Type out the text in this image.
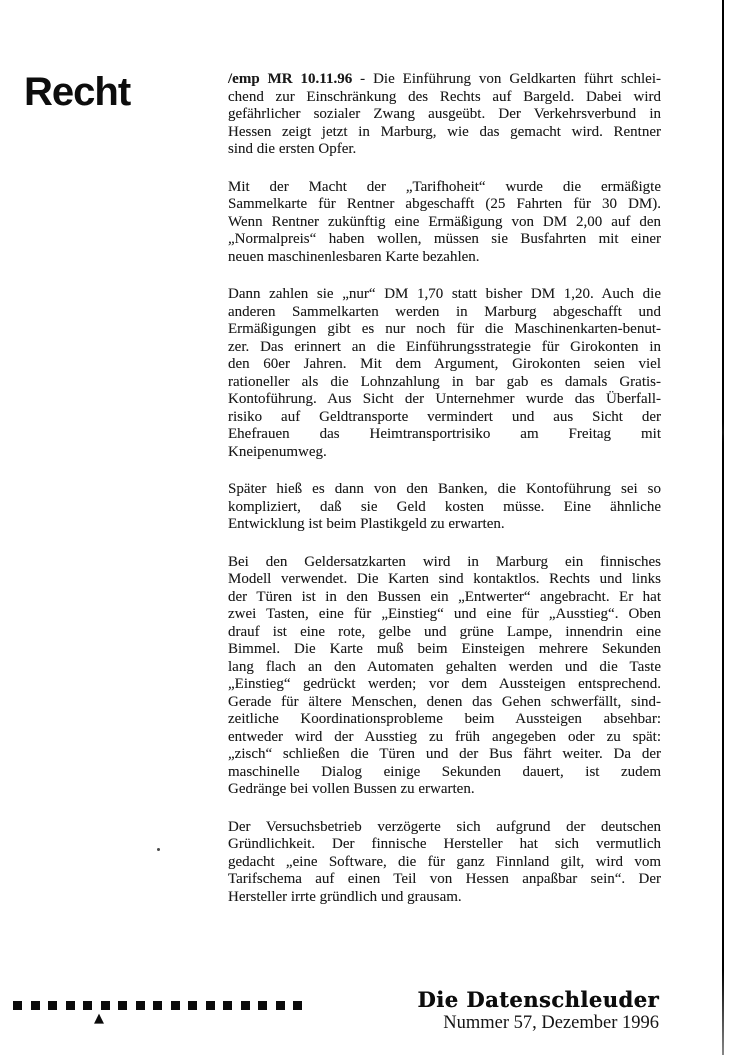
Recht	/emp MR 10.11.96 - Die Einführung von Geldkarten führt schlei-
chend zur Einschränkung des Rechts auf Bargeld. Dabei wird
gefährlicher sozialer Zwang ausgeübt. Der Verkehrsverbund in
Hessen zeigt jetzt in Marburg, wie das gemacht wird. Rentner
sind die ersten Opfer.
Mit der Macht der „Tarifhoheit“ wurde die ermäßigte
Sammelkarte für Rentner abgeschafft (25 Fahrten für 30 DM).
Wenn Rentner zukünftig eine Ermäßigung von DM 2,00 auf den
„Normalpreis“ haben wollen, müssen sie Busfahrten mit einer
neuen maschinenlesbaren Karte bezahlen.
Dann zahlen sie „nur“ DM 1,70 statt bisher DM 1,20. Auch die
anderen Sammelkarten werden in Marburg abgeschafft und
Ermäßigungen gibt es nur noch für die Maschinenkarten-benut-
zer. Das erinnert an die Einführungsstrategie für Girokonten in
den 60er Jahren. Mit dem Argument, Girokonten seien viel
rationeller als die Lohnzahlung in bar gab es damals Gratis-
Kontoführung. Aus Sicht der Unternehmer wurde das Überfall-
risiko auf Geldtransporte vermindert und aus Sicht der
Ehefrauen das Heimtransportrisiko am Freitag mit
Kneipenumweg.
Später hieß es dann von den Banken, die Kontoführung sei so
kompliziert, daß sie Geld kosten müsse. Eine ähnliche
Entwicklung ist beim Plastikgeld zu erwarten.
Bei den Geldersatzkarten wird in Marburg ein finnisches
Modell verwendet. Die Karten sind kontaktlos. Rechts und links
der Türen ist in den Bussen ein „Entwerter“ angebracht. Er hat
zwei Tasten, eine für „Einstieg“ und eine für „Ausstieg“. Oben
drauf ist eine rote, gelbe und grüne Lampe, innendrin eine
Bimmel. Die Karte muß beim Einsteigen mehrere Sekunden
lang flach an den Automaten gehalten werden und die Taste
„Einstieg“ gedrückt werden; vor dem Aussteigen entsprechend.
Gerade für ältere Menschen, denen das Gehen schwerfällt, sind-
zeitliche Koordinationsprobleme beim Aussteigen absehbar:
entweder wird der Ausstieg zu früh angegeben oder zu spät:
„zisch“ schließen die Türen und der Bus fährt weiter. Da der
maschinelle Dialog einige Sekunden dauert, ist zudem
Gedränge bei vollen Bussen zu erwarten.
Der Versuchsbetrieb verzögerte sich aufgrund der deutschen
Gründlichkeit. Der finnische Hersteller hat sich vermutlich
gedacht „eine Software, die für ganz Finnland gilt, wird vom
Tarifschema auf einen Teil von Hessen anpaßbar sein“. Der
Hersteller irrte gründlich und grausam.
▲
Die Datenschleuder
Nummer 57, Dezember 1996
